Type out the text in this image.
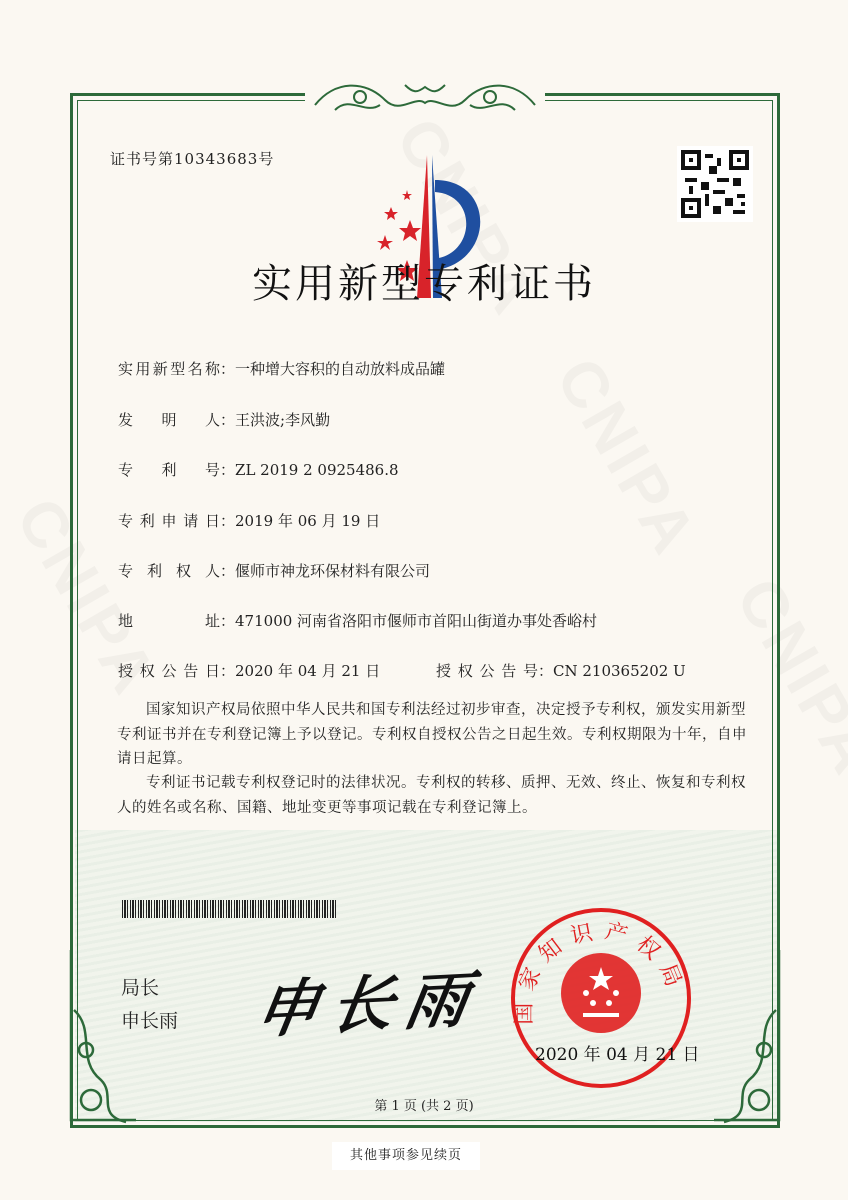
证书号第10343683号
实用新型专利证书
实用新型名称：一种增大容积的自动放料成品罐
发明人：王洪波;李风勤
专利号：ZL 2019 2 0925486.8
专利申请日：2019 年 06 月 19 日
专利权人：偃师市神龙环保材料有限公司
地址：471000 河南省洛阳市偃师市首阳山街道办事处香峪村
授权公告日：2020 年 04 月 21 日	授权公告号：CN 210365202 U
国家知识产权局依照中华人民共和国专利法经过初步审查，决定授予专利权，颁发实用新型专利证书并在专利登记簿上予以登记。专利权自授权公告之日起生效。专利权期限为十年，自申请日起算。
专利证书记载专利权登记时的法律状况。专利权的转移、质押、无效、终止、恢复和专利权人的姓名或名称、国籍、地址变更等事项记载在专利登记簿上。
局长
申长雨 申长雨 国家知识产权局
2020 年 04 月 21 日
第 1 页 (共 2 页)
其他事项参见续页
